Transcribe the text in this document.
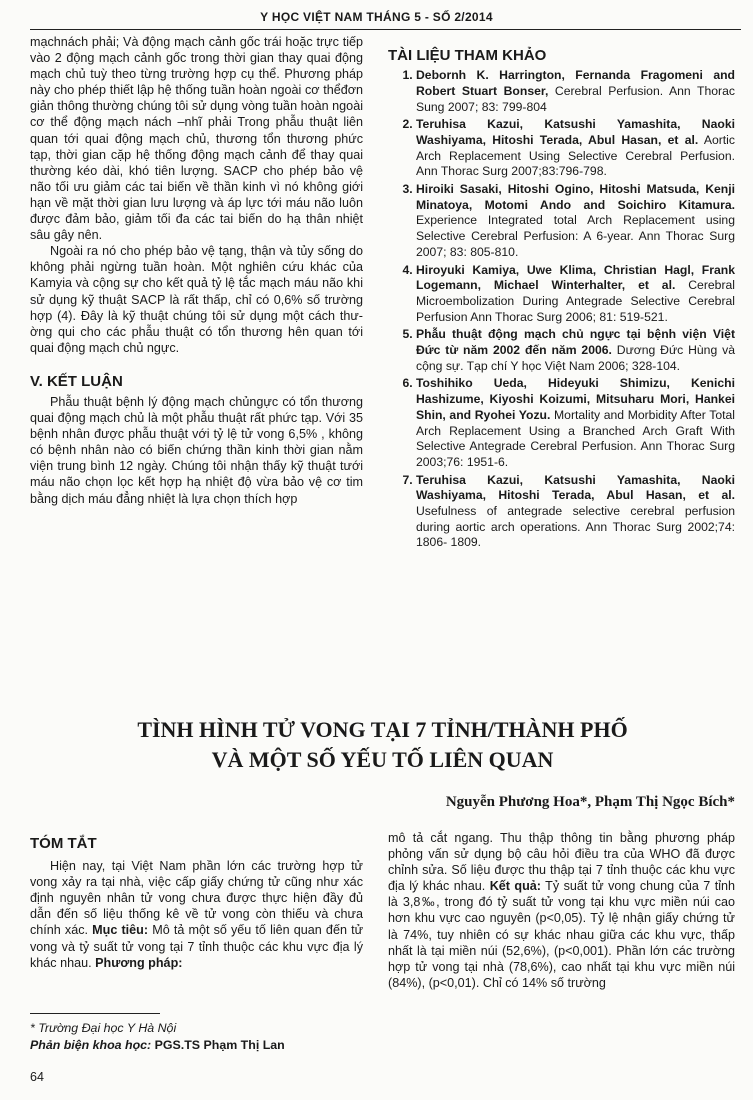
Y HỌC VIỆT NAM THÁNG 5 - SỐ 2/2014

mạchnách phải; Và động mạch cảnh gốc trái hoặc trực tiếp vào 2 động mạch cảnh gốc trong thời gian thay quai động mạch chủ tuỳ theo từng trường hợp cụ thể. Phương pháp này cho phép thiết lập hệ thống tuần hoàn ngoài cơ thểđơn giản thông thường chúng tôi sử dụng vòng tuần hoàn ngoài cơ thể động mạch nách –nhĩ phải Trong phẫu thuật liên quan tới quai động mạch chủ, thương tổn thương phức tạp, thời gian cặp hệ thống động mạch cảnh để thay quai thường kéo dài, khó tiên lượng. SACP cho phép bảo vệ não tối ưu giảm các tai biến về thần kinh vì nó không giới hạn về mặt thời gian lưu lượng và áp lực tới máu não luôn được đảm bảo, giảm tối đa các tai biến do hạ thân nhiệt sâu gây nên.

Ngoài ra nó cho phép bảo vệ tạng, thận và tủy sống do không phải ngừng tuần hoàn. Một nghiên cứu khác của Kamyia và cộng sự cho kết quả tỷ lệ tắc mạch máu não khi sử dụng kỹ thuật SACP là rất thấp, chỉ có 0,6% số trường hợp (4). Đây là kỹ thuật chúng tôi sử dụng một cách thư-ờng qui cho các phẫu thuật có tổn thương hên quan tới quai động mạch chủ ngực.

V. KẾT LUẬN

Phẫu thuật bệnh lý động mạch chủngực có tổn thương quai động mạch chủ là một phẫu thuật rất phức tạp. Với 35 bệnh nhân được phẫu thuật với tỷ lệ tử vong 6,5% , không có bệnh nhân nào có biến chứng thần kinh thời gian nằm viện trung bình 12 ngày. Chúng tôi nhận thấy kỹ thuật tưới máu não chọn lọc kết hợp hạ nhiệt độ vừa bảo vệ cơ tim bằng dịch máu đẳng nhiệt là lựa chọn thích hợp

TÀI LIỆU THAM KHẢO
1. Debornh K. Harrington, Fernanda Fragomeni and Robert Stuart Bonser, Cerebral Perfusion. Ann Thorac Sung 2007; 83: 799-804
2. Teruhisa Kazui, Katsushi Yamashita, Naoki Washiyama, Hitoshi Terada, Abul Hasan, et al. Aortic Arch Replacement Using Selective Cerebral Perfusion. Ann Thorac Surg 2007;83:796-798.
3. Hiroiki Sasaki, Hitoshi Ogino, Hitoshi Matsuda, Kenji Minatoya, Motomi Ando and Soichiro Kitamura. Experience Integrated total Arch Replacement using Selective Cerebral Perfusion: A 6-year. Ann Thorac Surg 2007; 83: 805-810.
4. Hiroyuki Kamiya, Uwe Klima, Christian Hagl, Frank Logemann, Michael Winterhalter, et al. Cerebral Microembolization During Antegrade Selective Cerebral Perfusion Ann Thorac Surg 2006; 81: 519-521.
5. Phẫu thuật động mạch chủ ngực tại bệnh viện Việt Đức từ năm 2002 đến năm 2006. Dương Đức Hùng và cộng sự. Tạp chí Y học Việt Nam 2006; 328-104.
6. Toshihiko Ueda, Hideyuki Shimizu, Kenichi Hashizume, Kiyoshi Koizumi, Mitsuharu Mori, Hankei Shin, and Ryohei Yozu. Mortality and Morbidity After Total Arch Replacement Using a Branched Arch Graft With Selective Antegrade Cerebral Perfusion. Ann Thorac Surg 2003;76: 1951-6.
7. Teruhisa Kazui, Katsushi Yamashita, Naoki Washiyama, Hitoshi Terada, Abul Hasan, et al. Usefulness of antegrade selective cerebral perfusion during aortic arch operations. Ann Thorac Surg 2002;74: 1806- 1809.
TÌNH HÌNH TỬ VONG TẠI 7 TỈNH/THÀNH PHỐ
VÀ MỘT SỐ YẾU TỐ LIÊN QUAN
Nguyễn Phương Hoa*, Phạm Thị Ngọc Bích*
TÓM TẮT

Hiện nay, tại Việt Nam phần lớn các trường hợp tử vong xảy ra tại nhà, việc cấp giấy chứng tử cũng như xác định nguyên nhân tử vong chưa được thực hiện đầy đủ dẫn đến số liệu thống kê về tử vong còn thiếu và chưa chính xác. Mục tiêu: Mô tả một số yếu tố liên quan đến tử vong và tỷ suất tử vong tại 7 tỉnh thuộc các khu vực địa lý khác nhau. Phương pháp:

mô tả cắt ngang. Thu thập thông tin bằng phương pháp phỏng vấn sử dụng bộ câu hỏi điều tra của WHO đã được chỉnh sửa. Số liệu được thu thập tại 7 tỉnh thuộc các khu vực địa lý khác nhau. Kết quả: Tỷ suất tử vong chung của 7 tỉnh là 3,8‰, trong đó tỷ suất tử vong tại khu vực miền núi cao hơn khu vực cao nguyên (p<0,05). Tỷ lệ nhận giấy chứng tử là 74%, tuy nhiên có sự khác nhau giữa các khu vực, thấp nhất là tại miền núi (52,6%), (p<0,001). Phần lớn các trường hợp tử vong tại nhà (78,6%), cao nhất tại khu vực miền núi (84%), (p<0,01). Chỉ có 14% số trường

* Trường Đại học Y Hà Nội
Phản biện khoa học: PGS.TS Phạm Thị Lan
64
